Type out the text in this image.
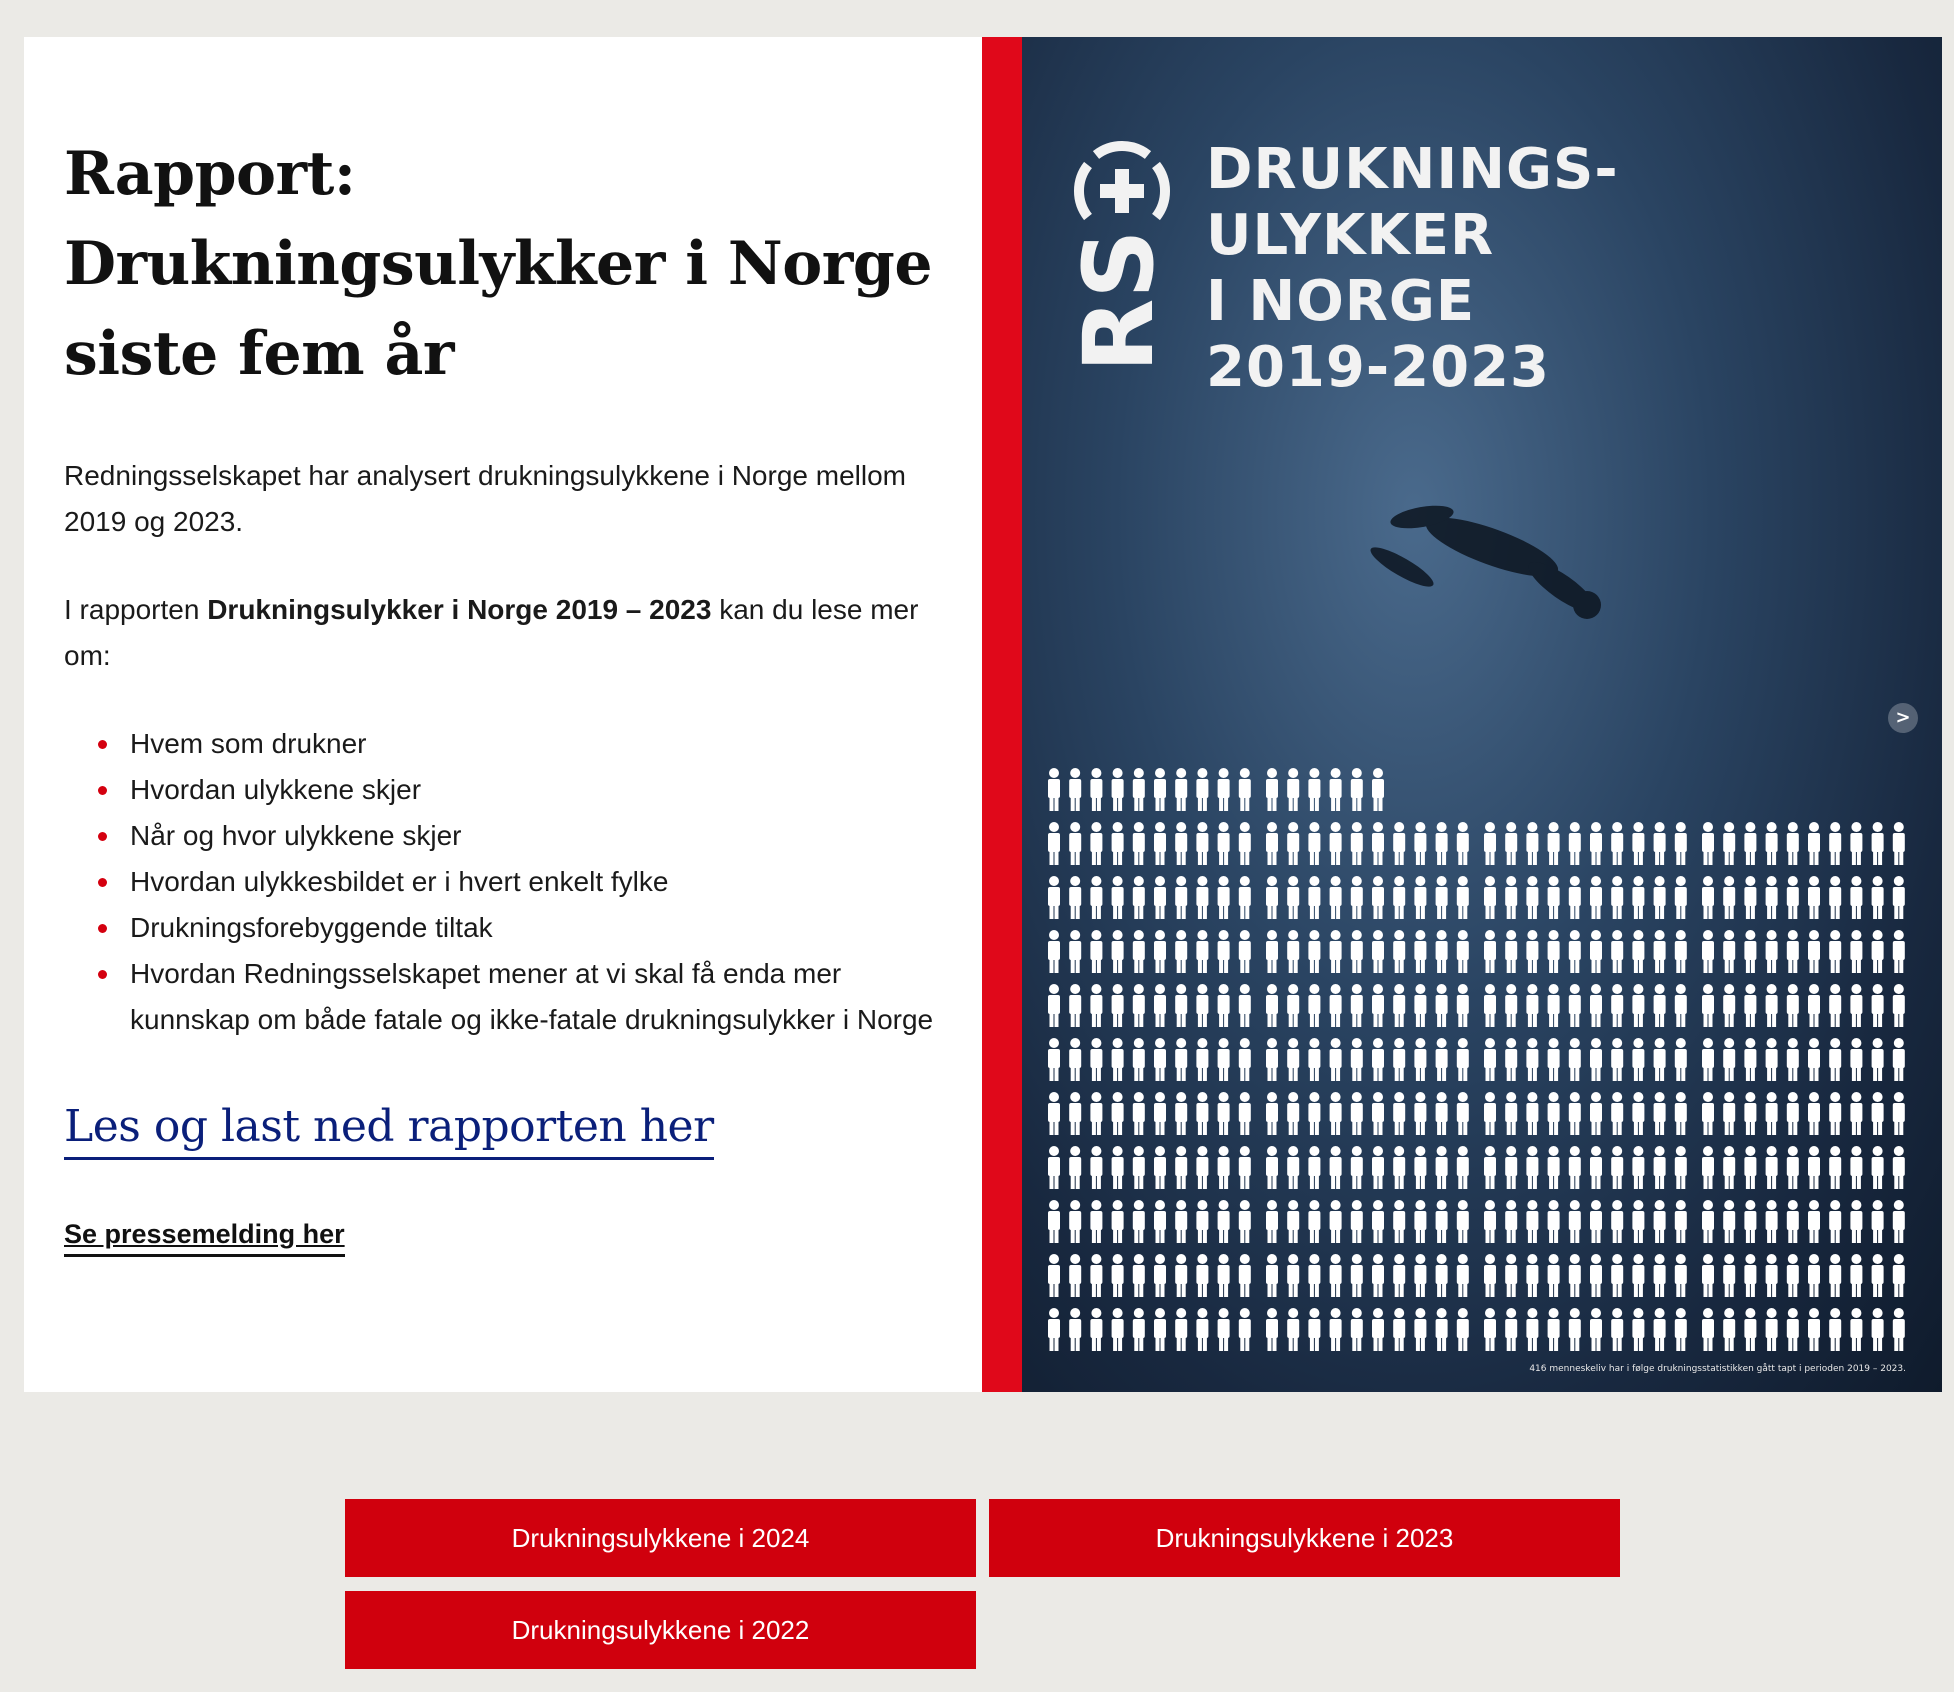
Rapport:
Drukningsulykker i Norge
siste fem år

Redningsselskapet har analysert drukningsulykkene i Norge mellom 2019 og 2023.

I rapporten Drukningsulykker i Norge 2019 – 2023 kan du lese mer om:

Hvem som drukner
Hvordan ulykkene skjer
Når og hvor ulykkene skjer
Hvordan ulykkesbildet er i hvert enkelt fylke
Drukningsforebyggende tiltak
Hvordan Redningsselskapet mener at vi skal få enda mer kunnskap om både fatale og ikke-fatale drukningsulykker i Norge
Les og last ned rapporten her
Se pressemelding her
RS
DRUKNINGS-
ULYKKER
I NORGE
2019-2023
>
416 menneskeliv har i følge drukningsstatistikken gått tapt i perioden 2019 – 2023.
Drukningsulykkene i 2024	Drukningsulykkene i 2023
Drukningsulykkene i 2022
